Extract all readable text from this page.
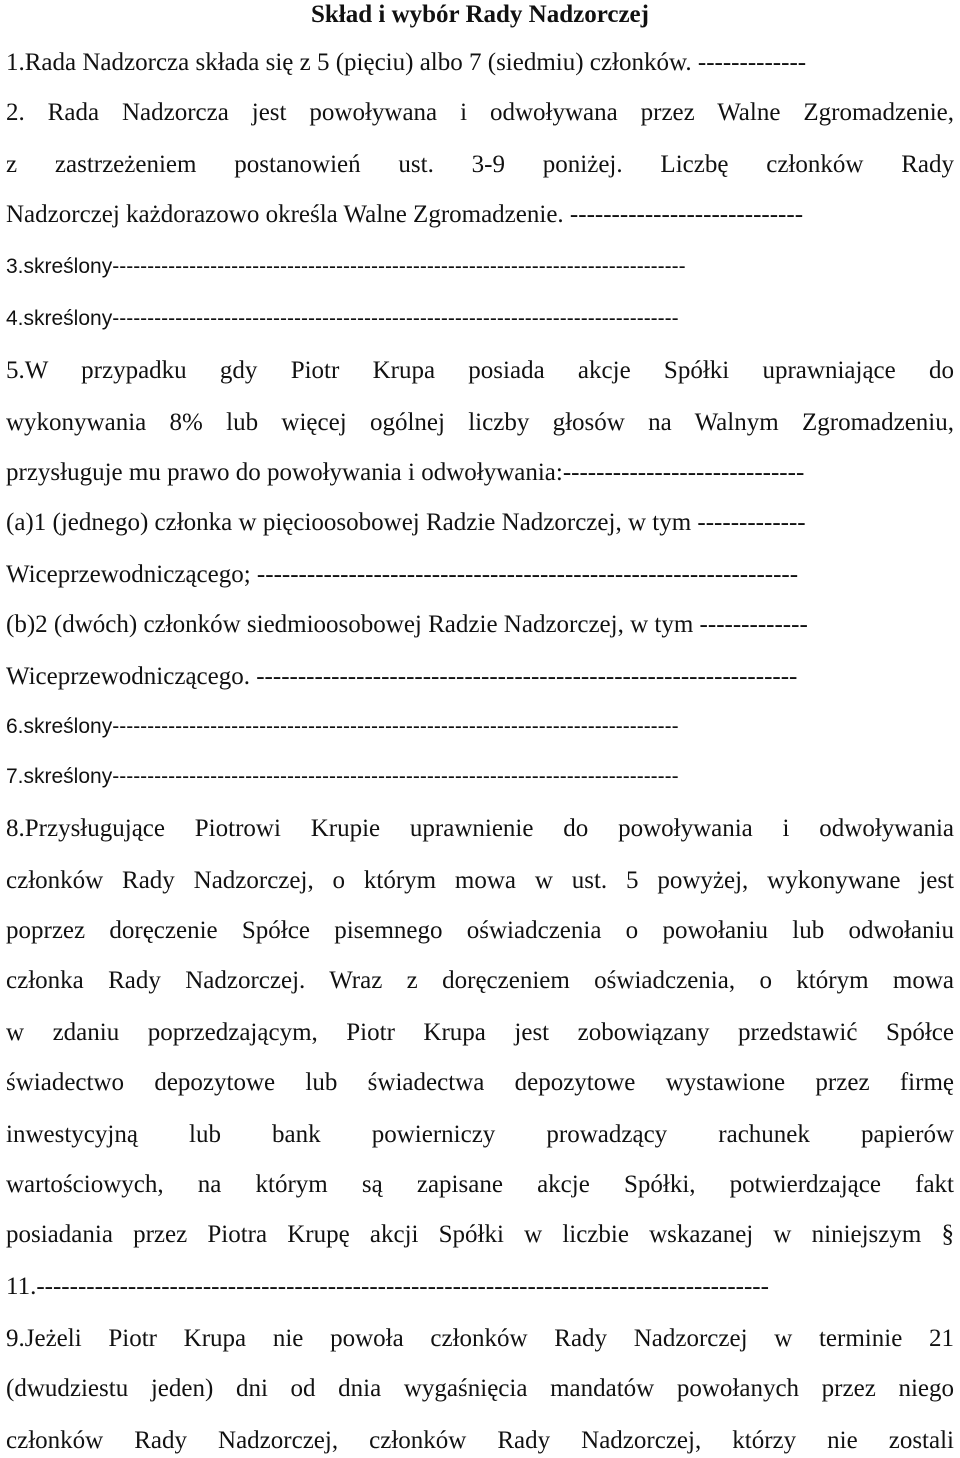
Skład i wybór Rady Nadzorczej
1.Rada Nadzorcza składa się z 5 (pięciu) albo 7 (siedmiu) członków. -------------
2. Rada Nadzorcza jest powoływana i odwoływana przez Walne Zgromadzenie,
z zastrzeżeniem postanowień ust. 3-9 poniżej. Liczbę członków Rady
Nadzorczej każdorazowo określa Walne Zgromadzenie. ----------------------------
3.skreślony----------------------------------------------------------------------------------
4.skreślony---------------------------------------------------------------------------------
5.W przypadku gdy Piotr Krupa posiada akcje Spółki uprawniające do
wykonywania 8% lub więcej ogólnej liczby głosów na Walnym Zgromadzeniu,
przysługuje mu prawo do powoływania i odwoływania:-----------------------------
(a)1 (jednego) członka w pięcioosobowej Radzie Nadzorczej, w tym -------------
Wiceprzewodniczącego; -----------------------------------------------------------------
(b)2 (dwóch) członków siedmioosobowej Radzie Nadzorczej, w tym -------------
Wiceprzewodniczącego. -----------------------------------------------------------------
6.skreślony---------------------------------------------------------------------------------
7.skreślony---------------------------------------------------------------------------------
8.Przysługujące Piotrowi Krupie uprawnienie do powoływania i odwoływania
członków Rady Nadzorczej, o którym mowa w ust. 5 powyżej, wykonywane jest
poprzez doręczenie Spółce pisemnego oświadczenia o powołaniu lub odwołaniu
członka Rady Nadzorczej. Wraz z doręczeniem oświadczenia, o którym mowa
w zdaniu poprzedzającym, Piotr Krupa jest zobowiązany przedstawić Spółce
świadectwo depozytowe lub świadectwa depozytowe wystawione przez firmę
inwestycyjną lub bank powierniczy prowadzący rachunek papierów
wartościowych, na którym są zapisane akcje Spółki, potwierdzające fakt
posiadania przez Piotra Krupę akcji Spółki w liczbie wskazanej w niniejszym §
11.----------------------------------------------------------------------------------------
9.Jeżeli Piotr Krupa nie powoła członków Rady Nadzorczej w terminie 21
(dwudziestu jeden) dni od dnia wygaśnięcia mandatów powołanych przez niego
członków Rady Nadzorczej, członków Rady Nadzorczej, którzy nie zostali
